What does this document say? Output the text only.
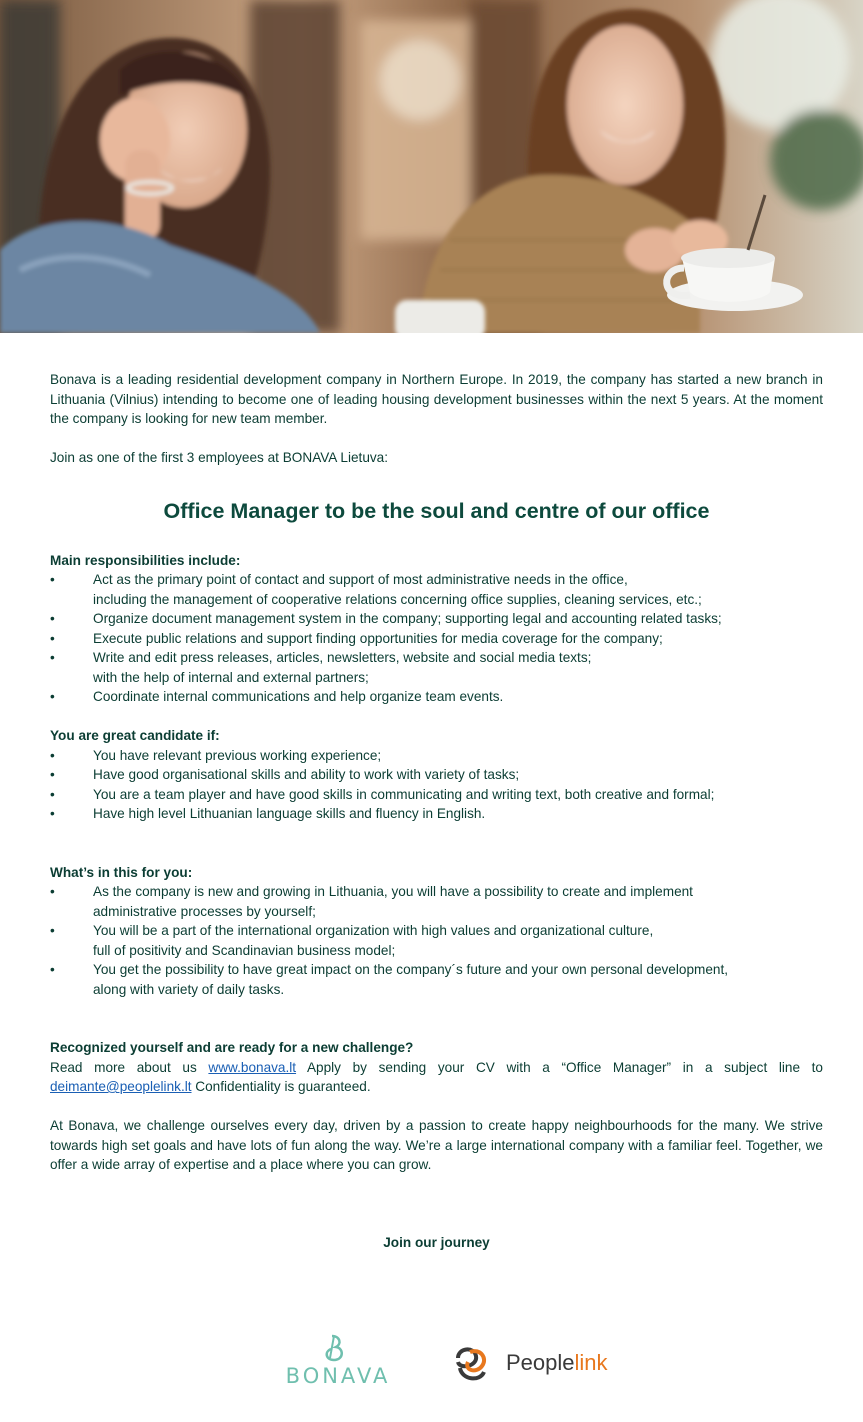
Bonava is a leading residential development company in Northern Europe. In 2019, the company has started a new branch in Lithuania (Vilnius) intending to become one of leading housing development businesses within the next 5 years. At the moment the company is looking for new team member.

Join as one of the first 3 employees at BONAVA Lietuva:

Office Manager to be the soul and centre of our office

Main responsibilities include:

•	Act as the primary point of contact and support of most administrative needs in the office,
including the management of cooperative relations concerning office supplies, cleaning services, etc.;
•	Organize document management system in the company; supporting legal and accounting related tasks;
•	Execute public relations and support finding opportunities for media coverage for the company;
•	Write and edit press releases, articles, newsletters, website and social media texts;
with the help of internal and external partners;
•	Coordinate internal communications and help organize team events.

You are great candidate if:

•	You have relevant previous working experience;
•	Have good organisational skills and ability to work with variety of tasks;
•	You are a team player and have good skills in communicating and writing text, both creative and formal;
•	Have high level Lithuanian language skills and fluency in English.

What’s in this for you:

•	As the company is new and growing in Lithuania, you will have a possibility to create and implement
administrative processes by yourself;
•	You will be a part of the international organization with high values and organizational culture,
full of positivity and Scandinavian business model;
•	You get the possibility to have great impact on the company´s future and your own personal development,
along with variety of daily tasks.

Recognized yourself and are ready for a new challenge?

Read more about us www.bonava.lt Apply by sending your CV with a “Office Manager” in a subject line to deimante@peoplelink.lt Confidentiality is guaranteed.

At Bonava, we challenge ourselves every day, driven by a passion to create happy neighbourhoods for the many. We strive towards high set goals and have lots of fun along the way. We’re a large international company with a familiar feel. Together, we offer a wide array of expertise and a place where you can grow.

Join our journey

BONAVA
Peoplelink
